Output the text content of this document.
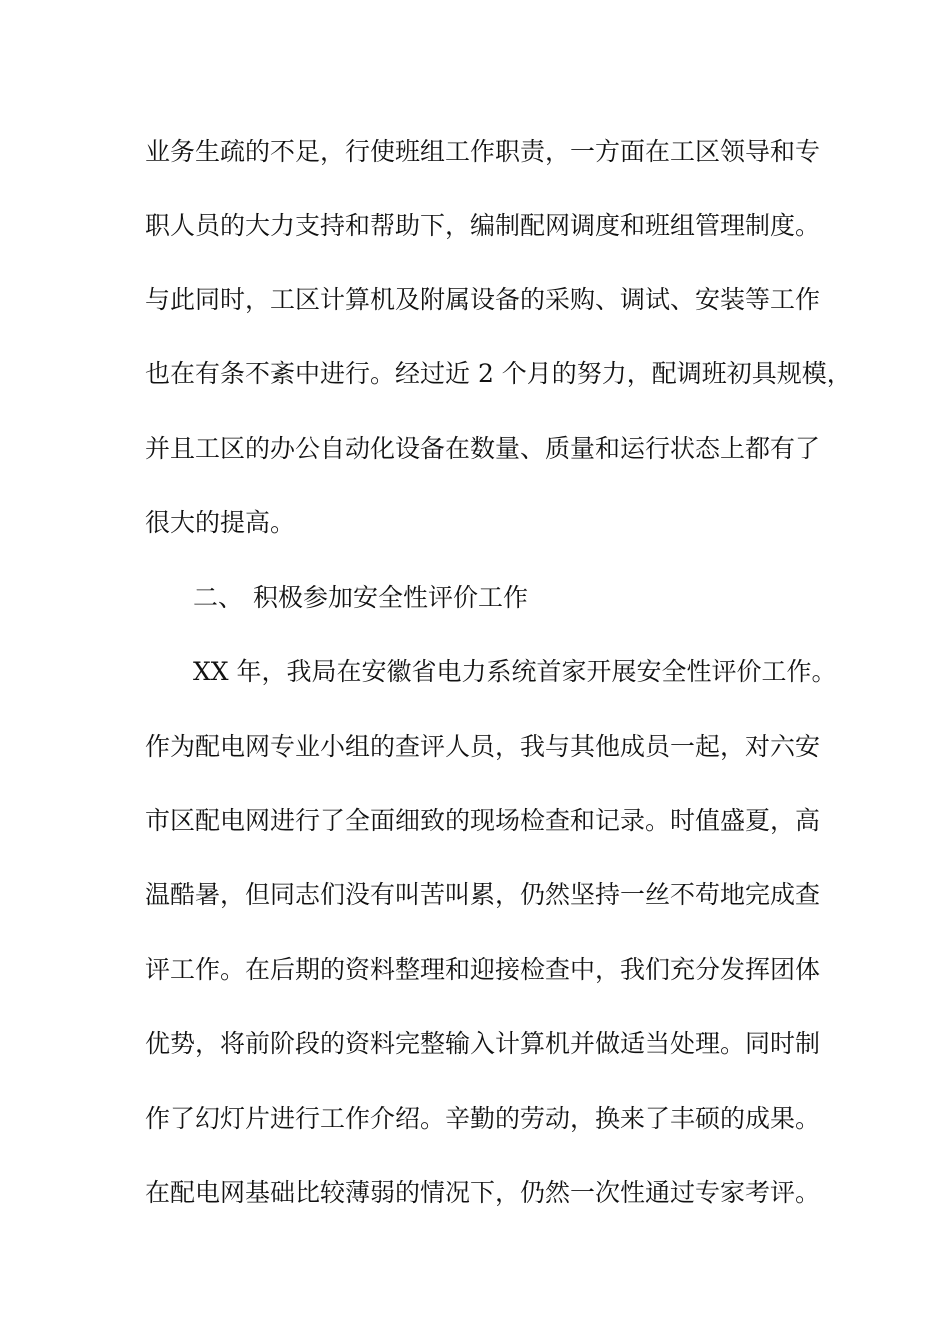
业务生疏的不足，行使班组工作职责，一方面在工区领导和专
职人员的大力支持和帮助下，编制配网调度和班组管理制度。
与此同时，工区计算机及附属设备的采购、调试、安装等工作
也在有条不紊中进行。经过近 2 个月的努力，配调班初具规模，
并且工区的办公自动化设备在数量、质量和运行状态上都有了
很大的提高。
二、 积极参加安全性评价工作
XX 年，我局在安徽省电力系统首家开展安全性评价工作。
作为配电网专业小组的查评人员，我与其他成员一起，对六安
市区配电网进行了全面细致的现场检查和记录。时值盛夏，高
温酷暑，但同志们没有叫苦叫累，仍然坚持一丝不苟地完成查
评工作。在后期的资料整理和迎接检查中，我们充分发挥团体
优势，将前阶段的资料完整输入计算机并做适当处理。同时制
作了幻灯片进行工作介绍。辛勤的劳动，换来了丰硕的成果。
在配电网基础比较薄弱的情况下，仍然一次性通过专家考评。
